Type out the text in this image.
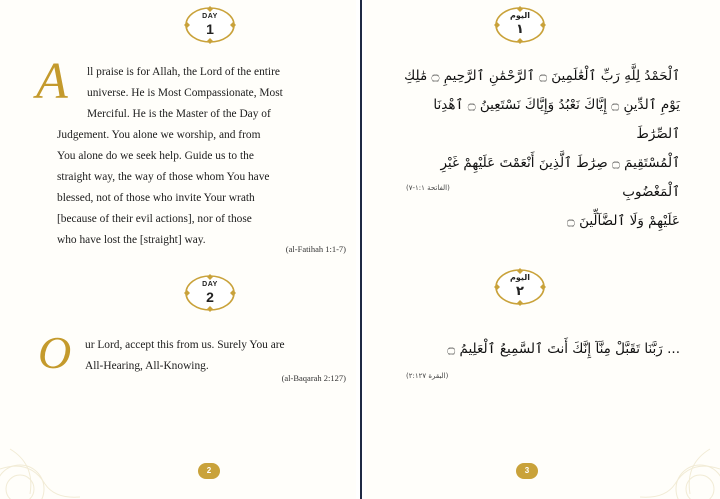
DAY
1
A ll praise is for Allah, the Lord of the entire
universe. He is Most Compassionate, Most
Merciful. He is the Master of the Day of
Judgement. You alone we worship, and from
You alone do we seek help. Guide us to the
straight way, the way of those whom You have
blessed, not of those who invite Your wrath
[because of their evil actions], nor of those
who have lost the [straight] way.
(al-Fatihah 1:1-7)
DAY
2
O ur Lord, accept this from us. Surely You are
All-Hearing, All-Knowing.
(al-Baqarah 2:127)
2
اليوم
١
ٱلْحَمْدُ لِلَّهِ رَبِّ ٱلْعَٰلَمِينَ ۝ ٱلرَّحْمَٰنِ ٱلرَّحِيمِ ۝ مَٰلِكِ
يَوْمِ ٱلدِّينِ ۝ إِيَّاكَ نَعْبُدُ وَإِيَّاكَ نَسْتَعِينُ ۝ ٱهْدِنَا ٱلصِّرَٰطَ
ٱلْمُسْتَقِيمَ ۝ صِرَٰطَ ٱلَّذِينَ أَنْعَمْتَ عَلَيْهِمْ غَيْرِ ٱلْمَغْضُوبِ
عَلَيْهِمْ وَلَا ٱلضَّآلِّينَ ۝
(الفاتحة ١:١-٧)
اليوم
٢
... رَبَّنَا تَقَبَّلْ مِنَّآ إِنَّكَ أَنتَ ٱلسَّمِيعُ ٱلْعَلِيمُ ۝
(البقرة ٢:١٢٧)
3
